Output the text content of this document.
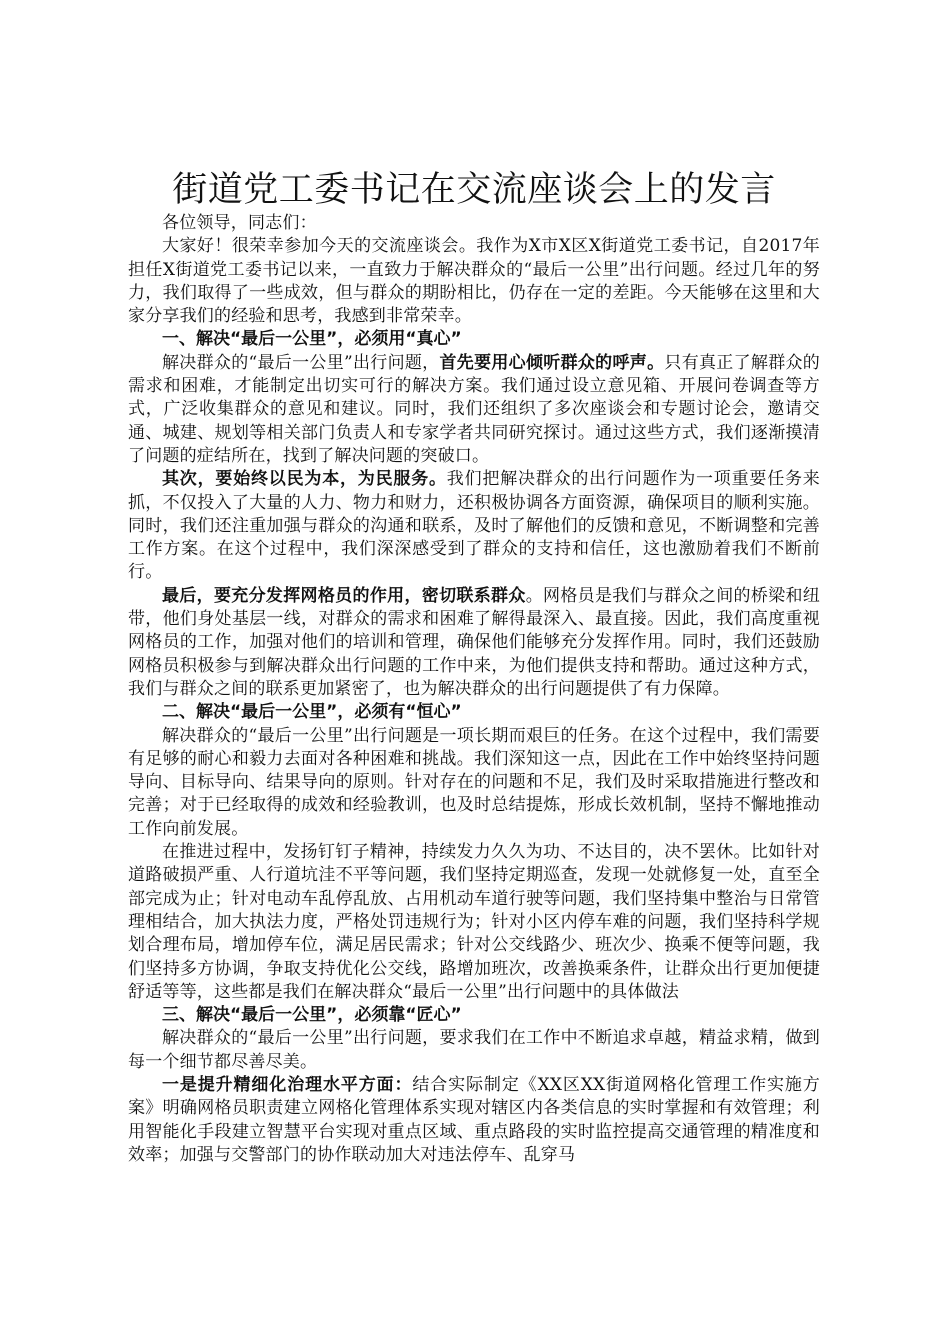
街道党工委书记在交流座谈会上的发言

各位领导，同志们：

大家好！很荣幸参加今天的交流座谈会。我作为X市X区X街道党工委书记，自2017年担任X街道党工委书记以来，一直致力于解决群众的“最后一公里”出行问题。经过几年的努力，我们取得了一些成效，但与群众的期盼相比，仍存在一定的差距。今天能够在这里和大家分享我们的经验和思考，我感到非常荣幸。

一、解决“最后一公里”，必须用“真心”

解决群众的“最后一公里”出行问题，首先要用心倾听群众的呼声。只有真正了解群众的需求和困难，才能制定出切实可行的解决方案。我们通过设立意见箱、开展问卷调查等方式，广泛收集群众的意见和建议。同时，我们还组织了多次座谈会和专题讨论会，邀请交通、城建、规划等相关部门负责人和专家学者共同研究探讨。通过这些方式，我们逐渐摸清了问题的症结所在，找到了解决问题的突破口。

其次，要始终以民为本，为民服务。我们把解决群众的出行问题作为一项重要任务来抓，不仅投入了大量的人力、物力和财力，还积极协调各方面资源，确保项目的顺利实施。同时，我们还注重加强与群众的沟通和联系，及时了解他们的反馈和意见，不断调整和完善工作方案。在这个过程中，我们深深感受到了群众的支持和信任，这也激励着我们不断前行。

最后，要充分发挥网格员的作用，密切联系群众。网格员是我们与群众之间的桥梁和纽带，他们身处基层一线，对群众的需求和困难了解得最深入、最直接。因此，我们高度重视网格员的工作，加强对他们的培训和管理，确保他们能够充分发挥作用。同时，我们还鼓励网格员积极参与到解决群众出行问题的工作中来，为他们提供支持和帮助。通过这种方式，我们与群众之间的联系更加紧密了，也为解决群众的出行问题提供了有力保障。

二、解决“最后一公里”，必须有“恒心”

解决群众的“最后一公里”出行问题是一项长期而艰巨的任务。在这个过程中，我们需要有足够的耐心和毅力去面对各种困难和挑战。我们深知这一点，因此在工作中始终坚持问题导向、目标导向、结果导向的原则。针对存在的问题和不足，我们及时采取措施进行整改和完善；对于已经取得的成效和经验教训，也及时总结提炼，形成长效机制，坚持不懈地推动工作向前发展。

在推进过程中，发扬钉钉子精神，持续发力久久为功、不达目的，决不罢休。比如针对道路破损严重、人行道坑洼不平等问题，我们坚持定期巡查，发现一处就修复一处，直至全部完成为止；针对电动车乱停乱放、占用机动车道行驶等问题，我们坚持集中整治与日常管理相结合，加大执法力度，严格处罚违规行为；针对小区内停车难的问题，我们坚持科学规划合理布局，增加停车位，满足居民需求；针对公交线路少、班次少、换乘不便等问题，我们坚持多方协调，争取支持优化公交线，路增加班次，改善换乘条件，让群众出行更加便捷舒适等等，这些都是我们在解决群众“最后一公里”出行问题中的具体做法

三、解决“最后一公里”，必须靠“匠心”

解决群众的“最后一公里”出行问题，要求我们在工作中不断追求卓越，精益求精，做到每一个细节都尽善尽美。

一是提升精细化治理水平方面：结合实际制定《XX区XX街道网格化管理工作实施方案》明确网格员职责建立网格化管理体系实现对辖区内各类信息的实时掌握和有效管理；利用智能化手段建立智慧平台实现对重点区域、重点路段的实时监控提高交通管理的精准度和效率；加强与交警部门的协作联动加大对违法停车、乱穿马
